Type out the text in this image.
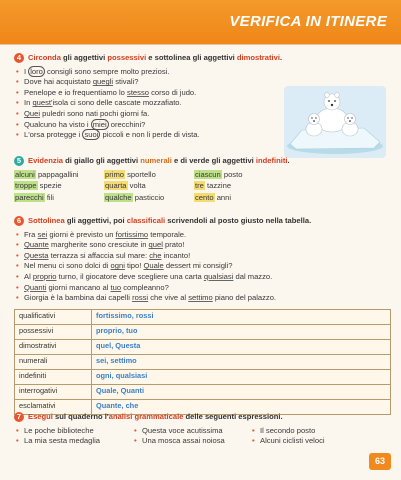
VERIFICA IN ITINERE
4 Circonda gli aggettivi possessivi e sottolinea gli aggettivi dimostrativi.
• I loro consigli sono sempre molto preziosi.
• Dove hai acquistato quegli stivali?
• Penelope e io frequentiamo lo stesso corso di judo.
• In quest'isola ci sono delle cascate mozzafiato.
• Quei puledri sono nati pochi giorni fa.
• Qualcuno ha visto i miei orecchini?
• L'orsa protegge i suoi piccoli e non li perde di vista.
5 Evidenzia di giallo gli aggettivi numerali e di verde gli aggettivi indefiniti.
alcuni pappagallini	primo sportello	ciascun posto
troppe spezie	quarta volta	tre tazzine
parecchi fili	qualche pasticcio	cento anni
6 Sottolinea gli aggettivi, poi classificali scrivendoli al posto giusto nella tabella.
• Fra sei giorni è previsto un fortissimo temporale.
• Quante margherite sono cresciute in quel prato!
• Questa terrazza si affaccia sul mare: che incanto!
• Nel menu ci sono dolci di ogni tipo! Quale dessert mi consigli?
• Al proprio turno, il giocatore deve scegliere una carta qualsiasi dal mazzo.
• Quanti giorni mancano al tuo compleanno?
• Giorgia è la bambina dai capelli rossi che vive al settimo piano del palazzo.
qualificativi	fortissimo, rossi
possessivi	proprio, tuo
dimostrativi	quel, Questa
numerali	sei, settimo
indefiniti	ogni, qualsiasi
interrogativi	Quale, Quanti
esclamativi	Quante, che
7 Esegui sul quaderno l'analisi grammaticale delle seguenti espressioni.
• Le poche biblioteche	• Questa voce acutissima	• Il secondo posto
• La mia sesta medaglia	• Una mosca assai noiosa	• Alcuni ciclisti veloci
63
